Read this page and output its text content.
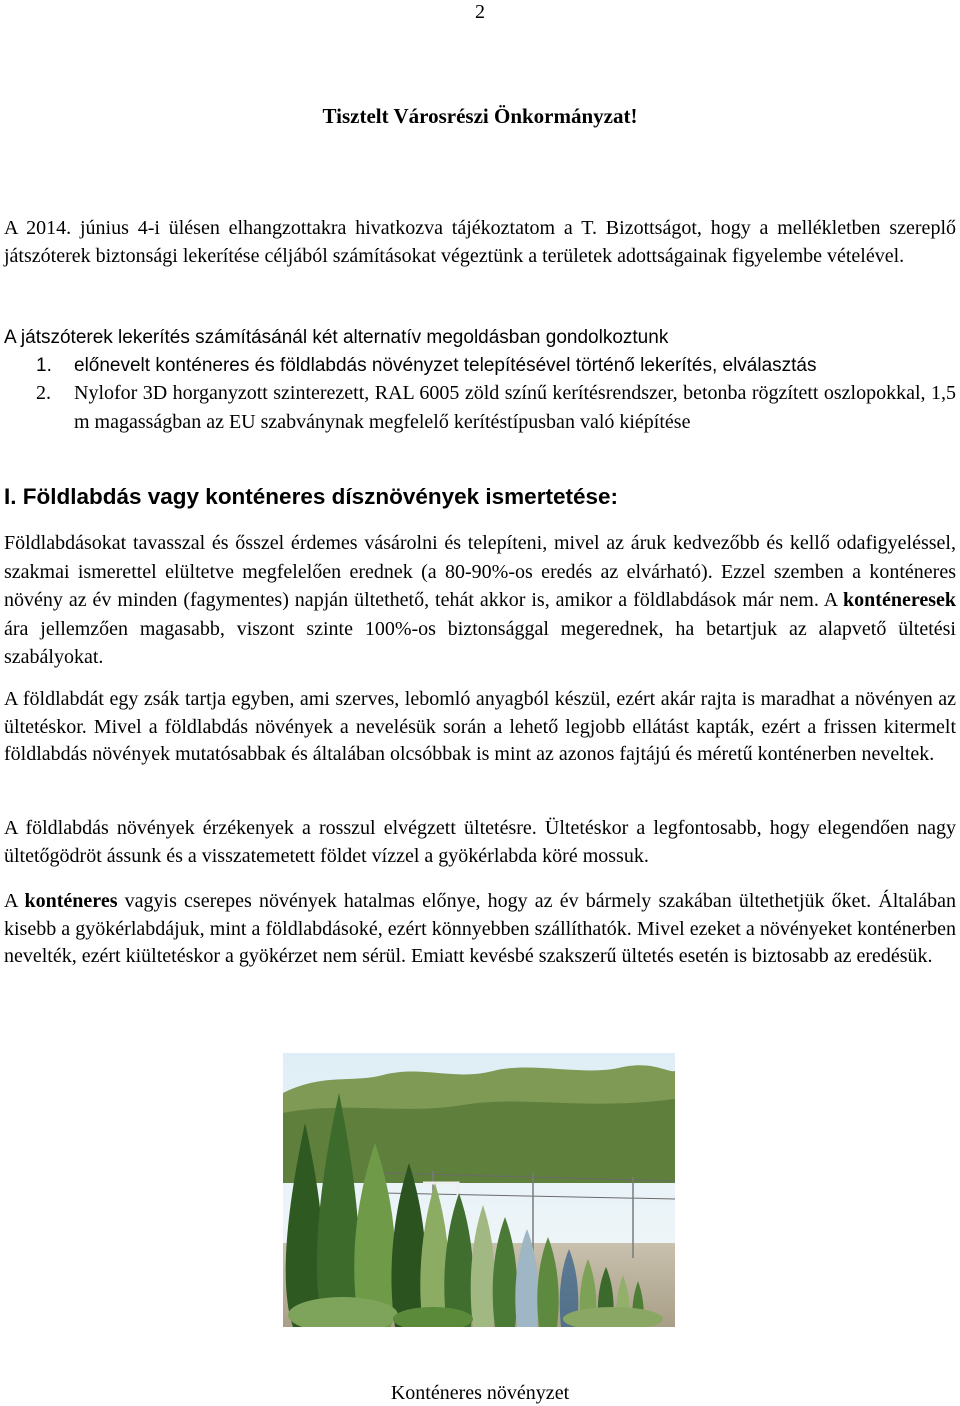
2
Tisztelt Városrészi Önkormányzat!

A 2014. június 4-i ülésen elhangzottakra hivatkozva tájékoztatom a T. Bizottságot, hogy a mellékletben szereplő játszóterek biztonsági lekerítése céljából számításokat végeztünk a területek adottságainak figyelembe vételével.

A játszóterek lekerítés számításánál két alternatív megoldásban gondolkoztunk
1. előnevelt konténeres és földlabdás növényzet telepítésével történő lekerítés, elválasztás
2. Nylofor 3D horganyzott szinterezett, RAL 6005 zöld színű kerítésrendszer, betonba rögzített oszlopokkal, 1,5 m magasságban az EU szabványnak megfelelő kerítéstípusban való kiépítése

I. Földlabdás vagy konténeres dísznövények ismertetése:

Földlabdásokat tavasszal és ősszel érdemes vásárolni és telepíteni, mivel az áruk kedvezőbb és kellő odafigyeléssel, szakmai ismerettel elültetve megfelelően erednek (a 80-90%-os eredés az elvárható). Ezzel szemben a konténeres növény az év minden (fagymentes) napján ültethető, tehát akkor is, amikor a földlabdások már nem. A konténeresek ára jellemzően magasabb, viszont szinte 100%-os biztonsággal megerednek, ha betartjuk az alapvető ültetési szabályokat.

A földlabdát egy zsák tartja egyben, ami szerves, lebomló anyagból készül, ezért akár rajta is maradhat a növényen az ültetéskor. Mivel a földlabdás növények a nevelésük során a lehető legjobb ellátást kapták, ezért a frissen kitermelt földlabdás növények mutatósabbak és általában olcsóbbak is mint az azonos fajtájú és méretű konténerben neveltek.

A földlabdás növények érzékenyek a rosszul elvégzett ültetésre. Ültetéskor a legfontosabb, hogy elegendően nagy ültetőgödröt ássunk és a visszatemetett földet vízzel a gyökérlabda köré mossuk.

A konténeres vagyis cserepes növények hatalmas előnye, hogy az év bármely szakában ültethetjük őket. Általában kisebb a gyökérlabdájuk, mint a földlabdásoké, ezért könnyebben szállíthatók. Mivel ezeket a növényeket konténerben nevelték, ezért kiültetéskor a gyökérzet nem sérül. Emiatt kevésbé szakszerű ültetés esetén is biztosabb az eredésük.

Konténeres növényzet
